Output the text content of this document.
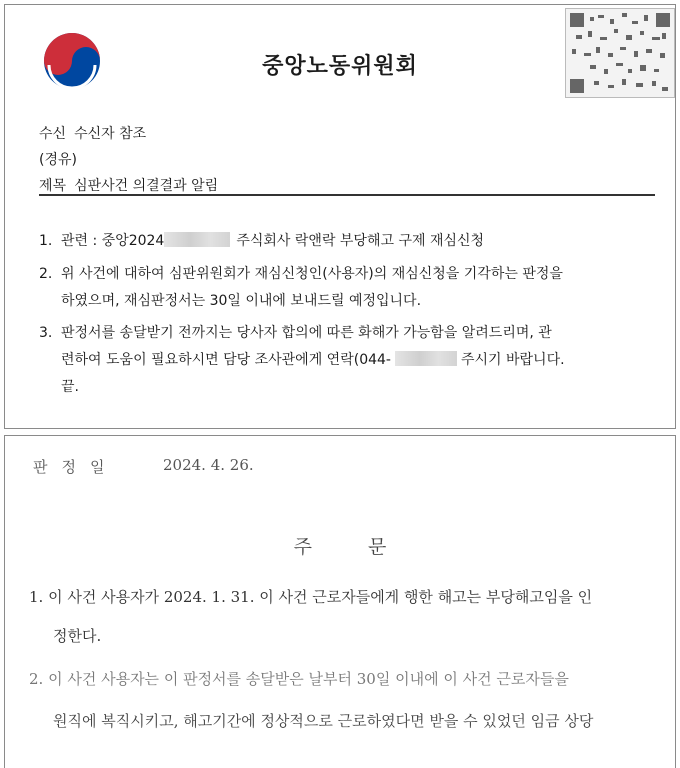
중앙노동위원회
수신 수신자 참조
(경유)
제목 심판사건 의결결과 알림
1. 관련 : 중앙2024	주식회사 락앤락 부당해고 구제 재심신청
2. 위 사건에 대하여 심판위원회가 재심신청인(사용자)의 재심신청을 기각하는 판정을
하였으며, 재심판정서는 30일 이내에 보내드릴 예정입니다.
3. 판정서를 송달받기 전까지는 당사자 합의에 따른 화해가 가능함을 알려드리며, 관
련하여 도움이 필요하시면 담당 조사관에게 연락(044-	주시기 바랍니다.
끝.
판정일	2024. 4. 26.
주 문
1. 이 사건 사용자가 2024. 1. 31. 이 사건 근로자들에게 행한 해고는 부당해고임을 인
정한다.
2. 이 사건 사용자는 이 판정서를 송달받은 날부터 30일 이내에 이 사건 근로자들을
원직에 복직시키고, 해고기간에 정상적으로 근로하였다면 받을 수 있었던 임금 상당
